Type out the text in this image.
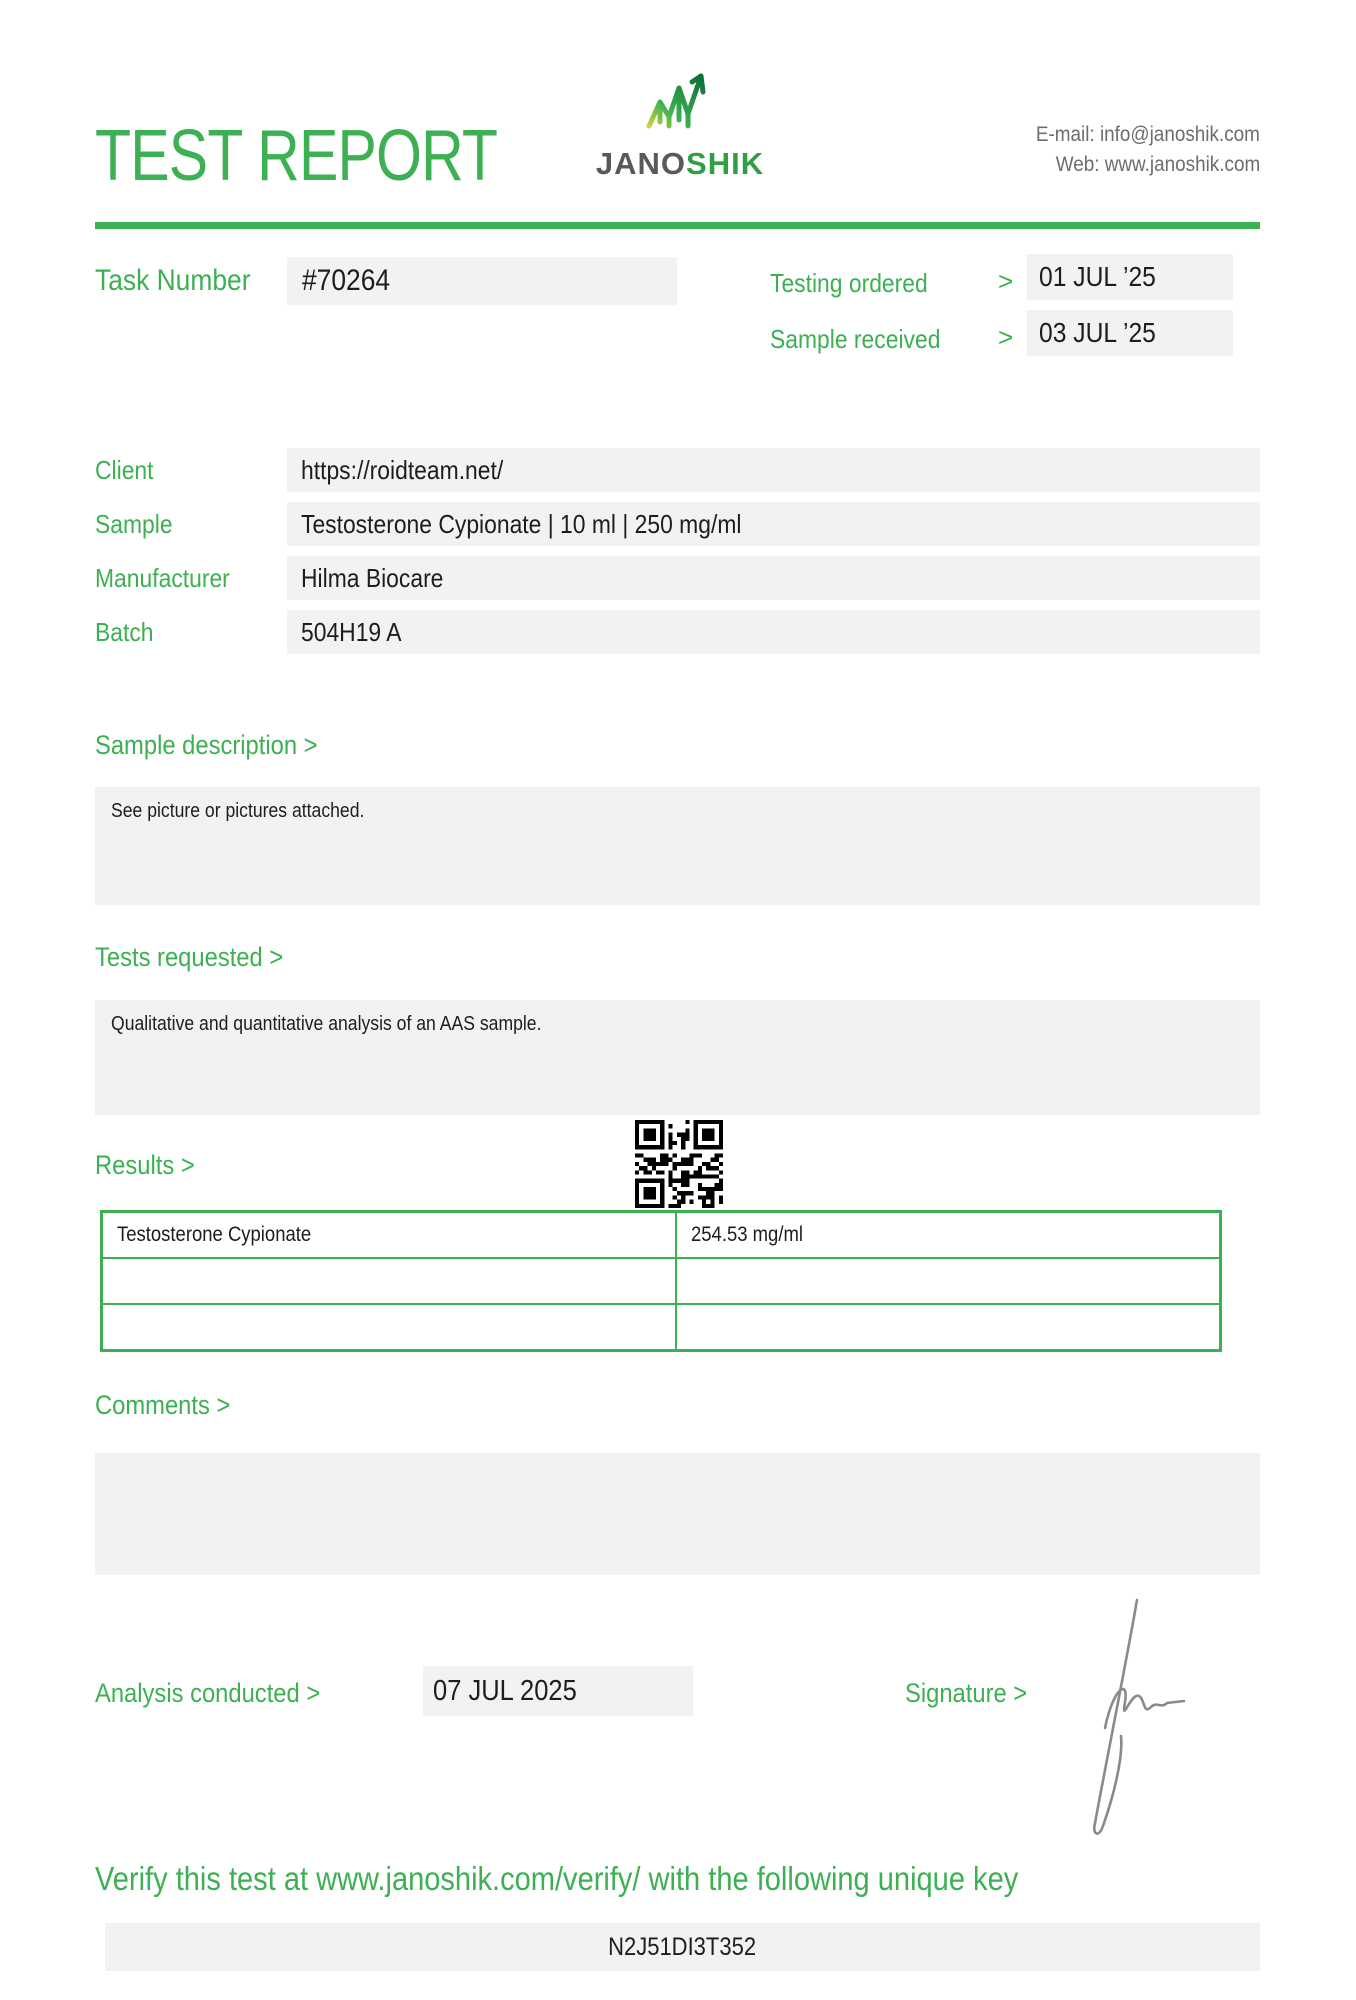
TEST REPORT	JANOSHIK
E-mail: info@janoshik.com
Web: www.janoshik.com
Task Number	#70264	Testing ordered	> 01 JUL ’25
Sample received	> 03 JUL ’25
Client	https://roidteam.net/
Sample	Testosterone Cypionate | 10 ml | 250 mg/ml
Manufacturer	Hilma Biocare
Batch	504H19 A
Sample description >
See picture or pictures attached.
Tests requested >
Qualitative and quantitative analysis of an AAS sample.
Results >
Testosterone Cypionate	254.53 mg/ml
Comments >
Analysis conducted >	07 JUL 2025	Signature >
Verify this test at www.janoshik.com/verify/ with the following unique key
N2J51DI3T352
